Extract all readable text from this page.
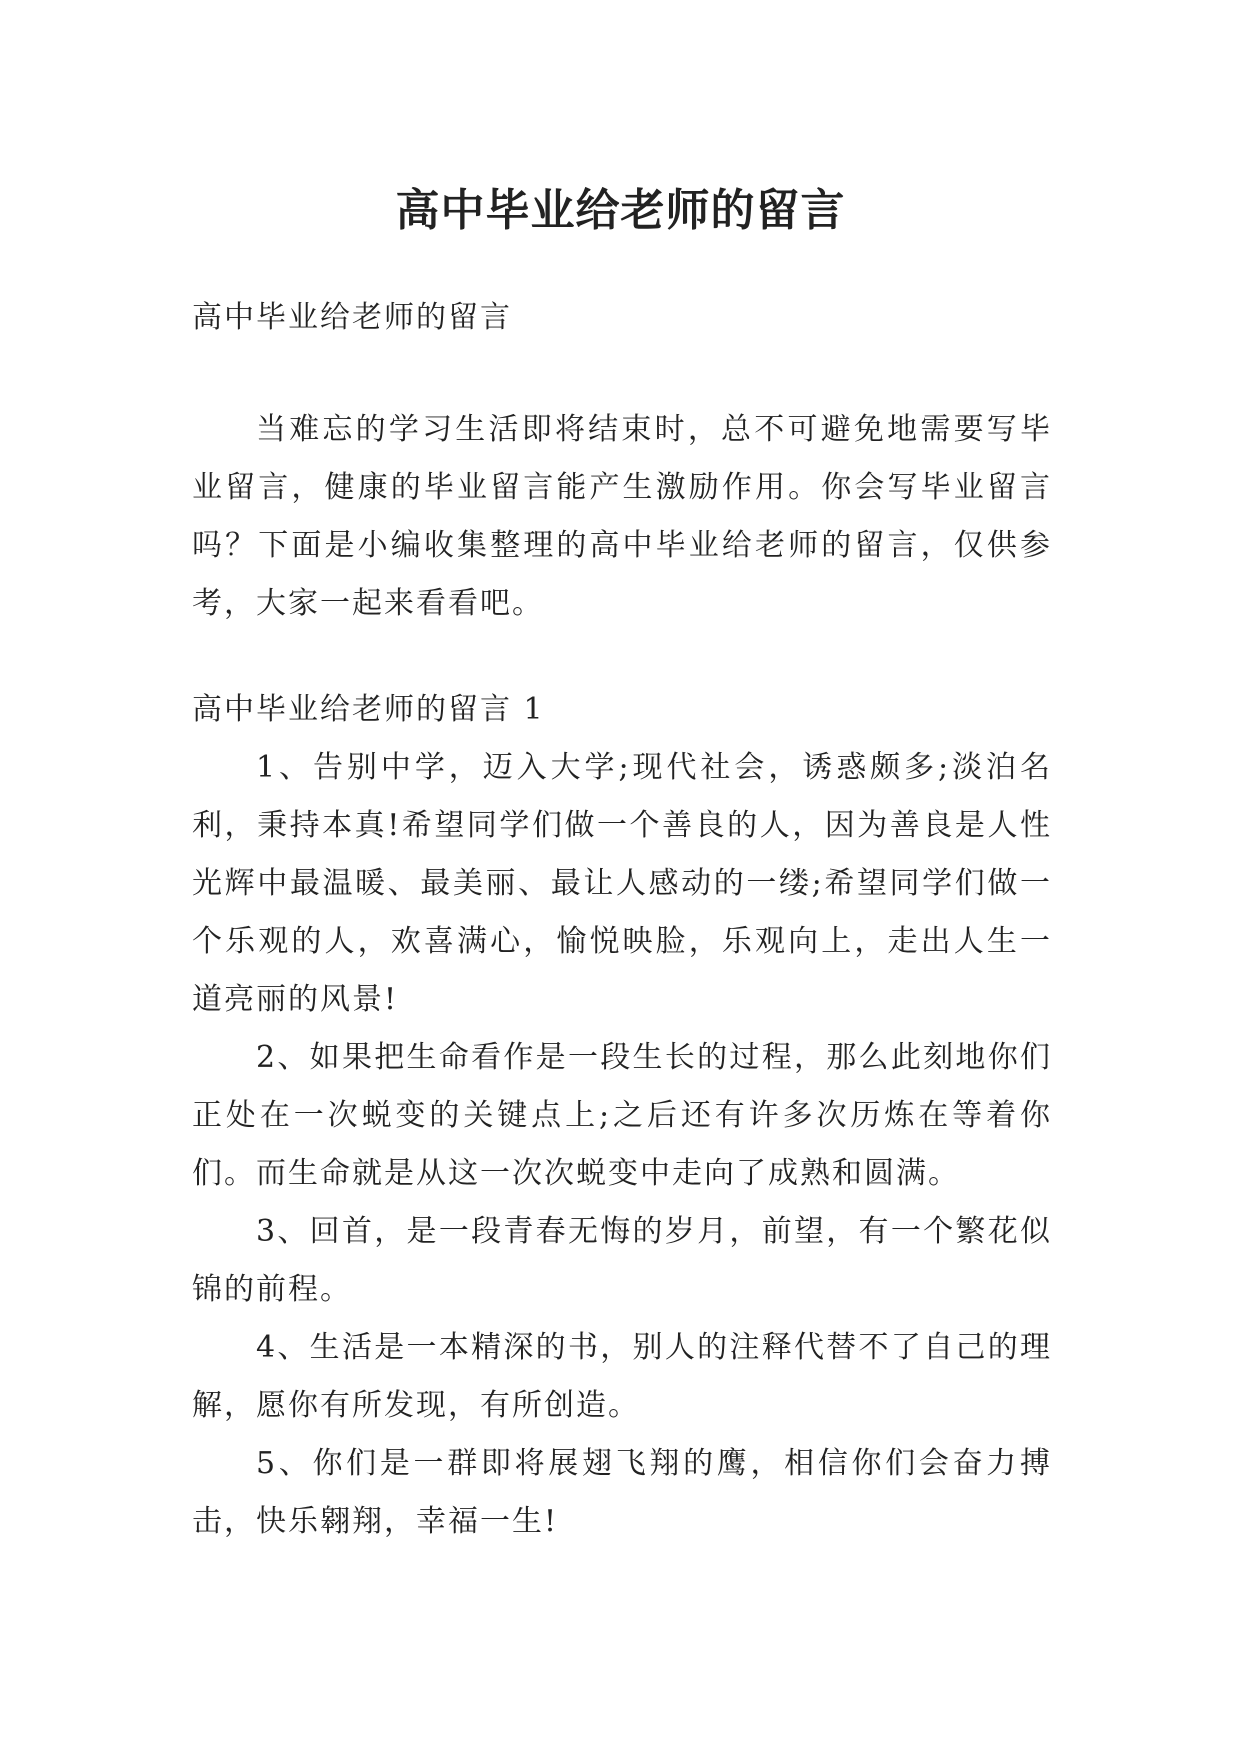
高中毕业给老师的留言

高中毕业给老师的留言

当难忘的学习生活即将结束时，总不可避免地需要写毕业留言，健康的毕业留言能产生激励作用。你会写毕业留言吗？下面是小编收集整理的高中毕业给老师的留言，仅供参考，大家一起来看看吧。

高中毕业给老师的留言 1

1、告别中学，迈入大学;现代社会，诱惑颇多;淡泊名利，秉持本真!希望同学们做一个善良的人，因为善良是人性光辉中最温暖、最美丽、最让人感动的一缕;希望同学们做一个乐观的人，欢喜满心，愉悦映脸，乐观向上，走出人生一道亮丽的风景!

2、如果把生命看作是一段生长的过程，那么此刻地你们正处在一次蜕变的关键点上;之后还有许多次历炼在等着你们。而生命就是从这一次次蜕变中走向了成熟和圆满。

3、回首，是一段青春无悔的岁月，前望，有一个繁花似锦的前程。

4、生活是一本精深的书，别人的注释代替不了自己的理解，愿你有所发现，有所创造。

5、你们是一群即将展翅飞翔的鹰，相信你们会奋力搏击，快乐翱翔，幸福一生!
